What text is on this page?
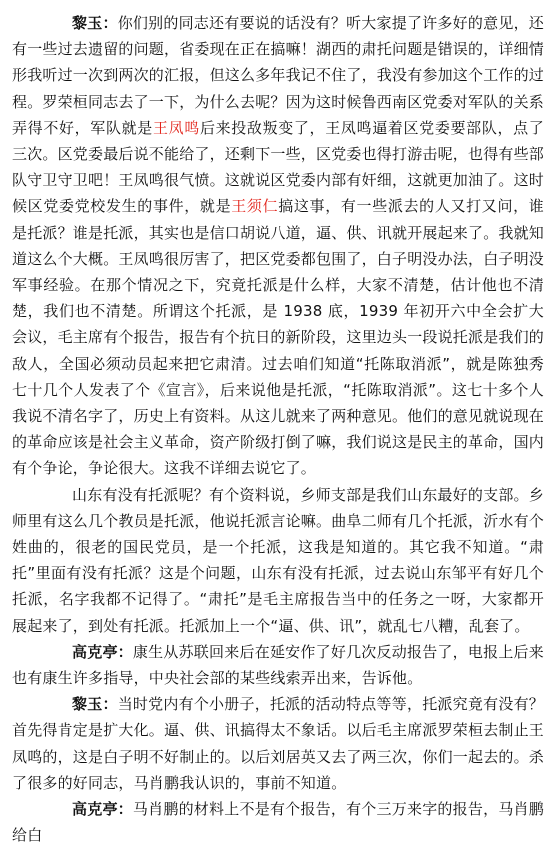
黎玉：你们别的同志还有要说的话没有？听大家提了许多好的意见，还有一些过去遗留的问题，省委现在正在搞嘛！湖西的肃托问题是错误的，详细情形我听过一次到两次的汇报，但这么多年我记不住了，我没有参加这个工作的过程。罗荣桓同志去了一下，为什么去呢？因为这时候鲁西南区党委对军队的关系弄得不好，军队就是王凤鸣后来投敌叛变了，王凤鸣逼着区党委要部队，点了三次。区党委最后说不能给了，还剩下一些，区党委也得打游击呢，也得有些部队守卫守卫吧！王凤鸣很气愤。这就说区党委内部有奸细，这就更加油了。这时候区党委党校发生的事件，就是王须仁搞这事，有一些派去的人又打又问，谁是托派？谁是托派，其实也是信口胡说八道，逼、供、讯就开展起来了。我就知道这么个大概。王凤鸣很厉害了，把区党委都包围了，白子明没办法，白子明没军事经验。在那个情况之下，究竟托派是什么样，大家不清楚，估计他也不清楚，我们也不清楚。所谓这个托派，是 1938 底，1939 年初开六中全会扩大会议，毛主席有个报告，报告有个抗日的新阶段，这里边头一段说托派是我们的敌人，全国必须动员起来把它肃清。过去咱们知道“托陈取消派”，就是陈独秀七十几个人发表了个《宣言》，后来说他是托派，“托陈取消派”。这七十多个人我说不清名字了，历史上有资料。从这儿就来了两种意见。他们的意见就说现在的革命应该是社会主义革命，资产阶级打倒了嘛，我们说这是民主的革命，国内有个争论，争论很大。这我不详细去说它了。

山东有没有托派呢？有个资料说，乡师支部是我们山东最好的支部。乡师里有这么几个教员是托派，他说托派言论嘛。曲阜二师有几个托派，沂水有个姓曲的，很老的国民党员，是一个托派，这我是知道的。其它我不知道。“肃托”里面有没有托派？这是个问题，山东有没有托派，过去说山东邹平有好几个托派，名字我都不记得了。“肃托”是毛主席报告当中的任务之一呀，大家都开展起来了，到处有托派。托派加上一个“逼、供、讯”，就乱七八糟，乱套了。

高克亭：康生从苏联回来后在延安作了好几次反动报告了，电报上后来也有康生许多指导，中央社会部的某些线索弄出来，告诉他。

黎玉：当时党内有个小册子，托派的活动特点等等，托派究竟有没有？首先得肯定是扩大化。逼、供、讯搞得太不象话。以后毛主席派罗荣桓去制止王凤鸣的，这是白子明不好制止的。以后刘居英又去了两三次，你们一起去的。杀了很多的好同志，马肖鹏我认识的，事前不知道。

高克亭：马肖鹏的材料上不是有个报告，有个三万来字的报告，马肖鹏给白
